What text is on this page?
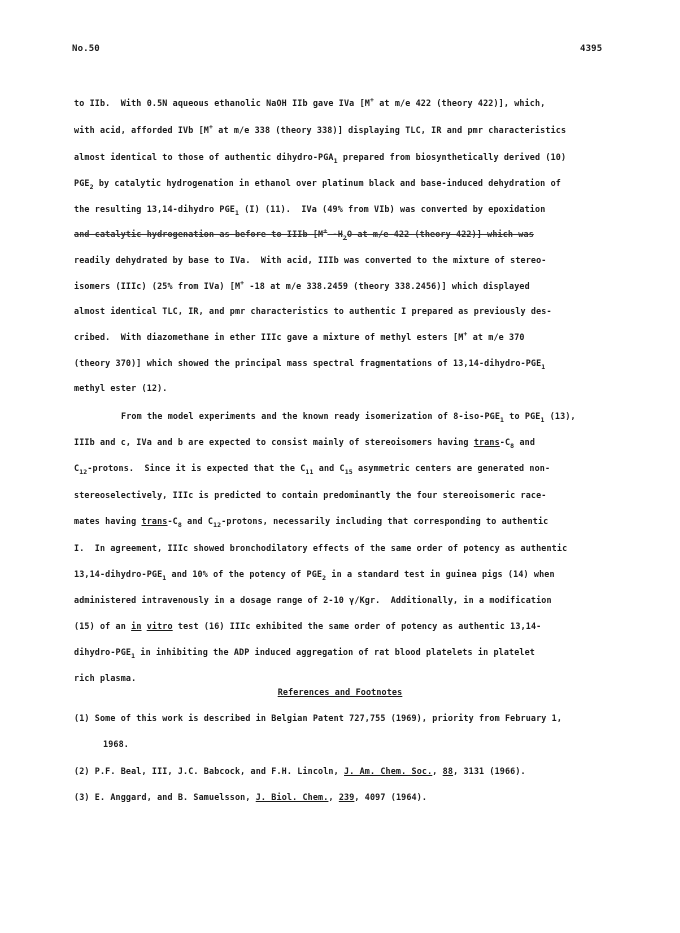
No.50	4395
to IIb.  With 0.5N aqueous ethanolic NaOH IIb gave IVa [M+ at m/e 422 (theory 422)], which,
with acid, afforded IVb [M+ at m/e 338 (theory 338)] displaying TLC, IR and pmr characteristics
almost identical to those of authentic dihydro-$PGA_1$ prepared from biosynthetically derived (10)
$PGE_2$ by catalytic hydrogenation in ethanol over platinum black and base-induced dehydration of
the resulting 13,14-dihydro $PGE_1$ (I) (11).  IVa (49% from VIb) was converted by epoxidation
and catalytic hydrogenation as before to IIIb [M+ $-H_2O$ at m/e 422 (theory 422)] which was
readily dehydrated by base to IVa.  With acid, IIIb was converted to the mixture of stereo-
isomers (IIIc) (25% from IVa) [M+ -18 at m/e 338.2459 (theory 338.2456)] which displayed
almost identical TLC, IR, and pmr characteristics to authentic I prepared as previously des-
cribed.  With diazomethane in ether IIIc gave a mixture of methyl esters [M+ at m/e 370
(theory 370)] which showed the principal mass spectral fragmentations of $13,14-dihydro-PGE_1$
methyl ester (12).
From the model experiments and the known ready isomerization of $8-iso-PGE_1$ to $PGE_1$ (13),
IIIb and c, IVa and b are expected to consist mainly of stereoisomers having trans-$C_8$ and
$C_{12}$-protons.  Since it is expected that the $C_{11}$ and $C_{15}$ asymmetric centers are generated non-
stereoselectively, IIIc is predicted to contain predominantly the four stereoisomeric race-
mates having trans-$C_8$ and $C_{12}$-protons, necessarily including that corresponding to authentic
I.  In agreement, IIIc showed bronchodilatory effects of the same order of potency as authentic
$13,14-dihydro-PGE_1$ and 10% of the potency of $PGE_2$ in a standard test in guinea pigs (14) when
administered intravenously in a dosage range of 2-10 γ/Kgr.  Additionally, in a modification
(15) of an in vitro test (16) IIIc exhibited the same order of potency as authentic 13,14-
dihydro-$PGE_1$ in inhibiting the ADP induced aggregation of rat blood platelets in platelet
rich plasma.
References and Footnotes
(1) Some of this work is described in Belgian Patent 727,755 (1969), priority from February 1,
1968.
(2) P.F. Beal, III, J.C. Babcock, and F.H. Lincoln, J. Am. Chem. Soc., 88, 3131 (1966).
(3) E. Anggard, and B. Samuelsson, J. Biol. Chem., 239, 4097 (1964).
